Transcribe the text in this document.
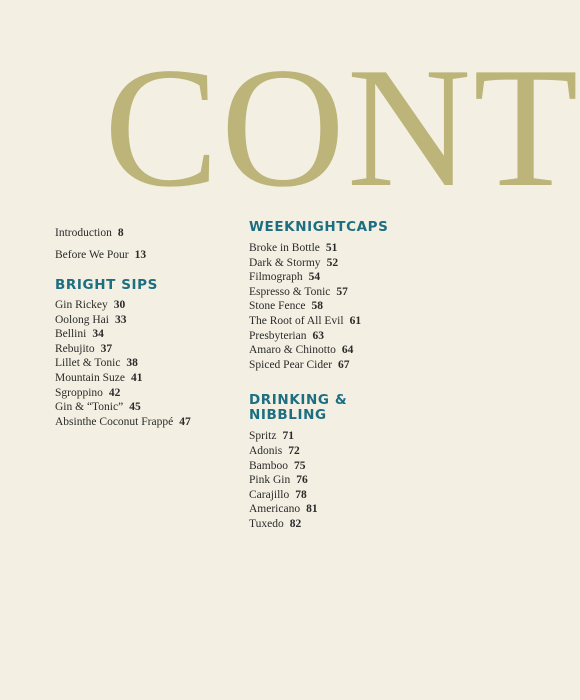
CONT

Introduction 8

Before We Pour 13

BRIGHT SIPS

Gin Rickey 30

Oolong Hai 33

Bellini 34

Rebujito 37

Lillet & Tonic 38

Mountain Suze 41

Sgroppino 42

Gin & “Tonic” 45

Absinthe Coconut Frappé 47

WEEKNIGHTCAPS

Broke in Bottle 51

Dark & Stormy 52

Filmograph 54

Espresso & Tonic 57

Stone Fence 58

The Root of All Evil 61

Presbyterian 63

Amaro & Chinotto 64

Spiced Pear Cider 67

DRINKING & NIBBLING

Spritz 71

Adonis 72

Bamboo 75

Pink Gin 76

Carajillo 78

Americano 81

Tuxedo 82
